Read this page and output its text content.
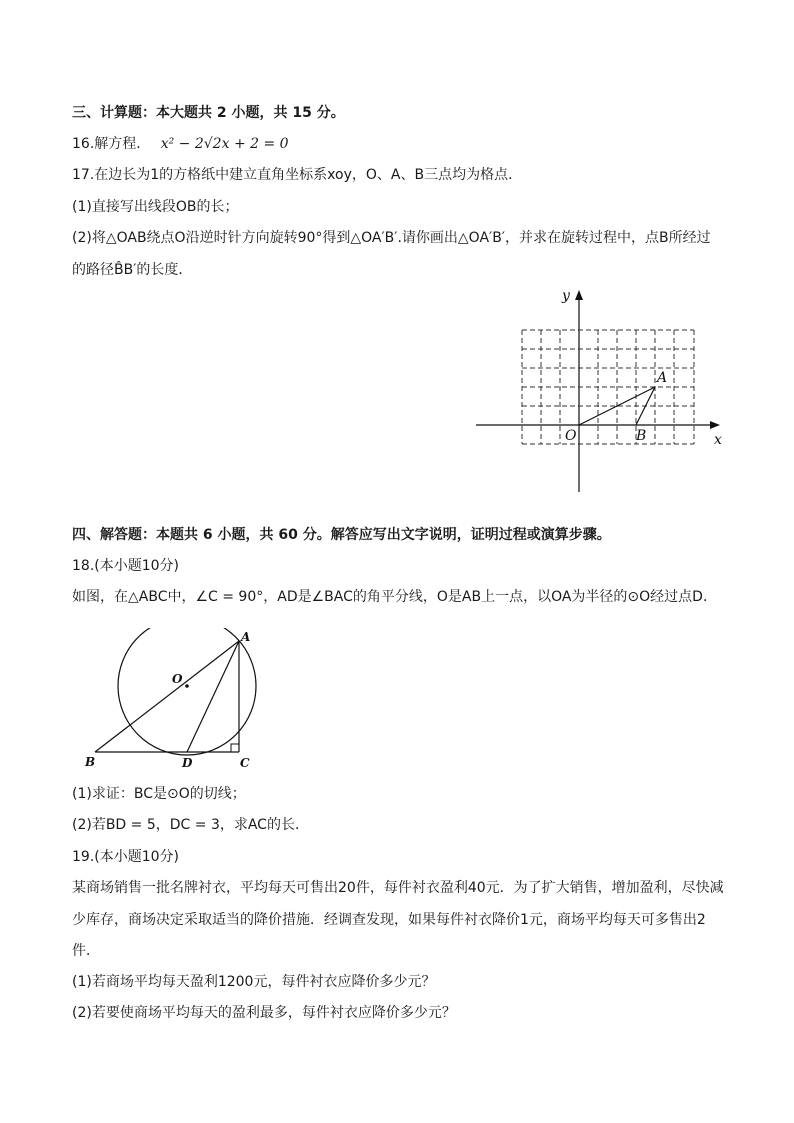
三、计算题：本大题共 2 小题，共 15 分。
16.解方程． x² − 2√2x + 2 = 0
17.在边长为1的方格纸中建立直角坐标系xoy，O、A、B三点均为格点．
(1)直接写出线段OB的长；
(2)将△OAB绕点O沿逆时针方向旋转90°得到△OA′B′.请你画出△OA′B′，并求在旋转过程中，点B所经过
的路径B̂B′的长度．
y
x
O
A
B
四、解答题：本题共 6 小题，共 60 分。解答应写出文字说明，证明过程或演算步骤。
18.(本小题10分)
如图，在△ABC中，∠C = 90°，AD是∠BAC的角平分线，O是AB上一点，以OA为半径的⊙O经过点D．
A
O
B	D	C
(1)求证：BC是⊙O的切线；
(2)若BD = 5，DC = 3，求AC的长．
19.(本小题10分)
某商场销售一批名牌衬衣，平均每天可售出20件，每件衬衣盈利40元．为了扩大销售，增加盈利，尽快减
少库存，商场决定采取适当的降价措施．经调查发现，如果每件衬衣降价1元，商场平均每天可多售出2
件．
(1)若商场平均每天盈利1200元，每件衬衣应降价多少元？
(2)若要使商场平均每天的盈利最多，每件衬衣应降价多少元？
